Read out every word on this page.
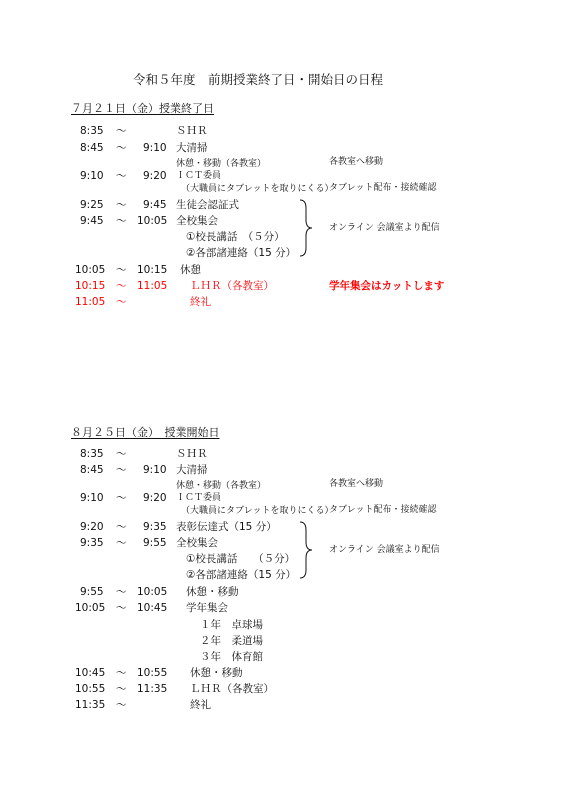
令和５年度　前期授業終了日・開始日の日程
７月２１日（金）授業終了日
8:35 ～	ＳＨＲ
8:45 ～ 9:10 大清掃
休憩・移動（各教室）	各教室へ移動
9:10 ～ 9:20 ＩＣＴ委員
（大職員にタブレットを取りにくる）
タブレット配布・接続確認
9:25 ～ 9:45 生徒会認証式
9:45 ～ 10:05 全校集会
①校長講話　（５分）
②各部諸連絡（15 分）
オンライン 会議室より配信
10:05 ～ 10:15 休憩
10:15 ～ 11:05 ＬＨＲ（各教室）	学年集会はカットします
11:05 ～	終礼
８月２５日（金）　授業開始日
8:35 ～	ＳＨＲ
8:45 ～ 9:10 大清掃
休憩・移動（各教室）	各教室へ移動
9:10 ～ 9:20 ＩＣＴ委員
（大職員にタブレットを取りにくる）
タブレット配布・接続確認
9:20 ～ 9:35 表彰伝達式（15 分）
9:35 ～ 9:55 全校集会
①校長講話　　（５分）
②各部諸連絡（15 分）
オンライン 会議室より配信
9:55 ～ 10:05 休憩・移動
10:05 ～ 10:45 学年集会
１年　卓球場
２年　柔道場
３年　体育館
10:45 ～ 10:55 休憩・移動
10:55 ～ 11:35 ＬＨＲ（各教室）
11:35 ～	終礼
